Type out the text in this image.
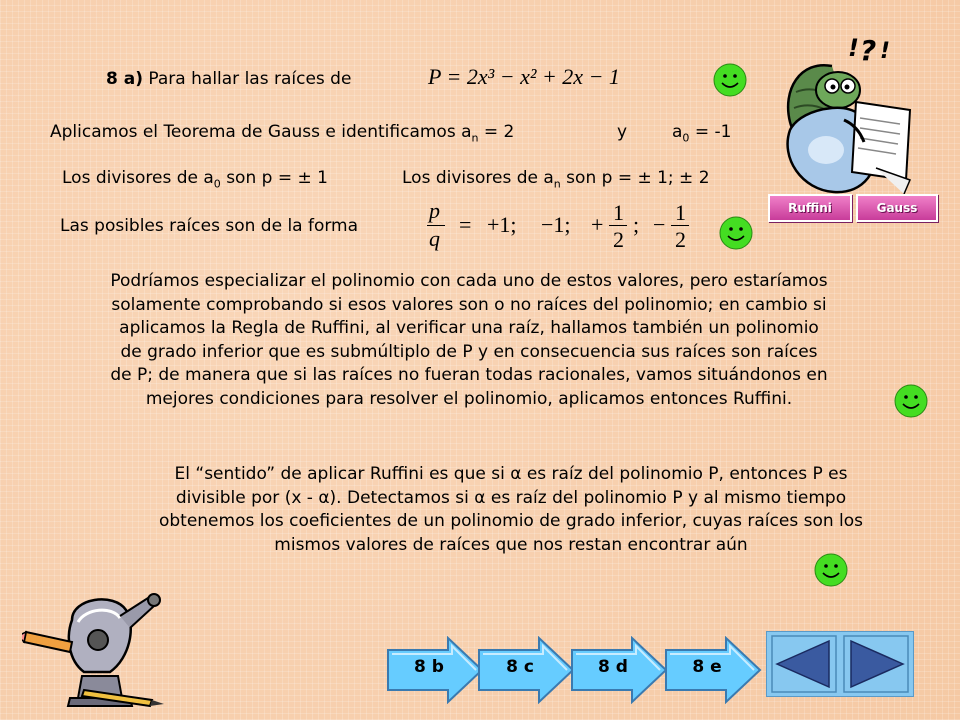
8 a) Para hallar las raíces de	P = 2x³ − x² + 2x − 1
Aplicamos el Teorema de Gauss e identificamos $a_n = 2$	y	$a_0 = -1$
Los divisores de $a_0$ son p = ± 1	Los divisores de $a_n$ son p = ± 1; ± 2
Las posibles raíces son de la forma
p
q
= +1; −1; + 1
2
; − 1
2
Podríamos especializar el polinomio con cada uno de estos valores, pero estaríamos
solamente comprobando si esos valores son o no raíces del polinomio; en cambio si
aplicamos la Regla de Ruffini, al verificar una raíz, hallamos también un polinomio
de grado inferior que es submúltiplo de P y en consecuencia sus raíces son raíces
de P; de manera que si las raíces no fueran todas racionales, vamos situándonos en
mejores condiciones para resolver el polinomio, aplicamos entonces Ruffini.
El “sentido” de aplicar Ruffini es que si α es raíz del polinomio P, entonces P es
divisible por (x - α). Detectamos si α es raíz del polinomio P y al mismo tiempo
obtenemos los coeficientes de un polinomio de grado inferior, cuyas raíces son los
mismos valores de raíces que nos restan encontrar aún
! ? !
Ruffini	Gauss
8 b	8 c	8 d	8 e
